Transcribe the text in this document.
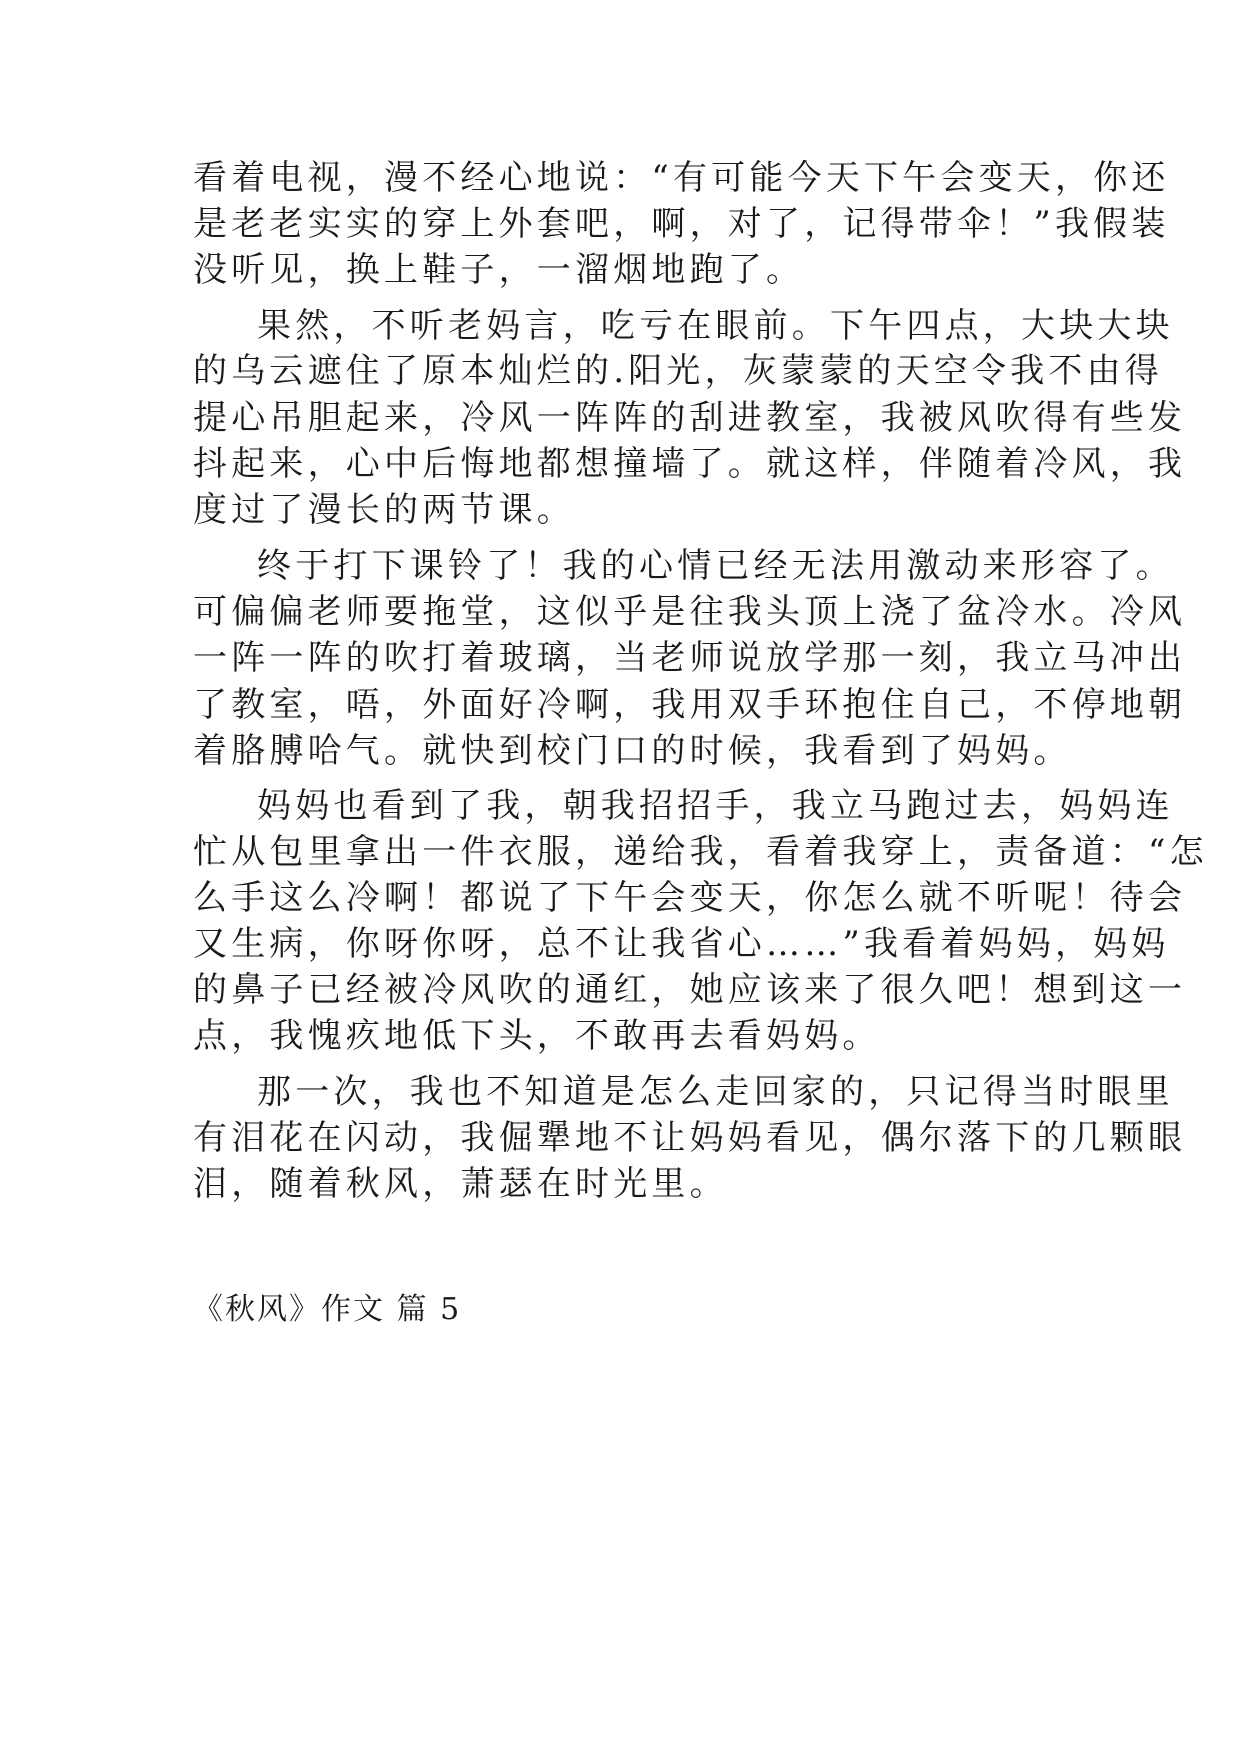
看着电视，漫不经心地说：“有可能今天下午会变天，你还
是老老实实的穿上外套吧，啊，对了，记得带伞！”我假装
没听见，换上鞋子，一溜烟地跑了。
果然，不听老妈言，吃亏在眼前。下午四点，大块大块
的乌云遮住了原本灿烂的.阳光，灰蒙蒙的天空令我不由得
提心吊胆起来，冷风一阵阵的刮进教室，我被风吹得有些发
抖起来，心中后悔地都想撞墙了。就这样，伴随着冷风，我
度过了漫长的两节课。
终于打下课铃了！我的心情已经无法用激动来形容了。
可偏偏老师要拖堂，这似乎是往我头顶上浇了盆冷水。冷风
一阵一阵的吹打着玻璃，当老师说放学那一刻，我立马冲出
了教室，唔，外面好冷啊，我用双手环抱住自己，不停地朝
着胳膊哈气。就快到校门口的时候，我看到了妈妈。
妈妈也看到了我，朝我招招手，我立马跑过去，妈妈连
忙从包里拿出一件衣服，递给我，看着我穿上，责备道：“怎
么手这么冷啊！都说了下午会变天，你怎么就不听呢！待会
又生病，你呀你呀，总不让我省心……”我看着妈妈，妈妈
的鼻子已经被冷风吹的通红，她应该来了很久吧！想到这一
点，我愧疚地低下头，不敢再去看妈妈。
那一次，我也不知道是怎么走回家的，只记得当时眼里
有泪花在闪动，我倔犟地不让妈妈看见，偶尔落下的几颗眼
泪，随着秋风，萧瑟在时光里。
《秋风》作文 篇 5
